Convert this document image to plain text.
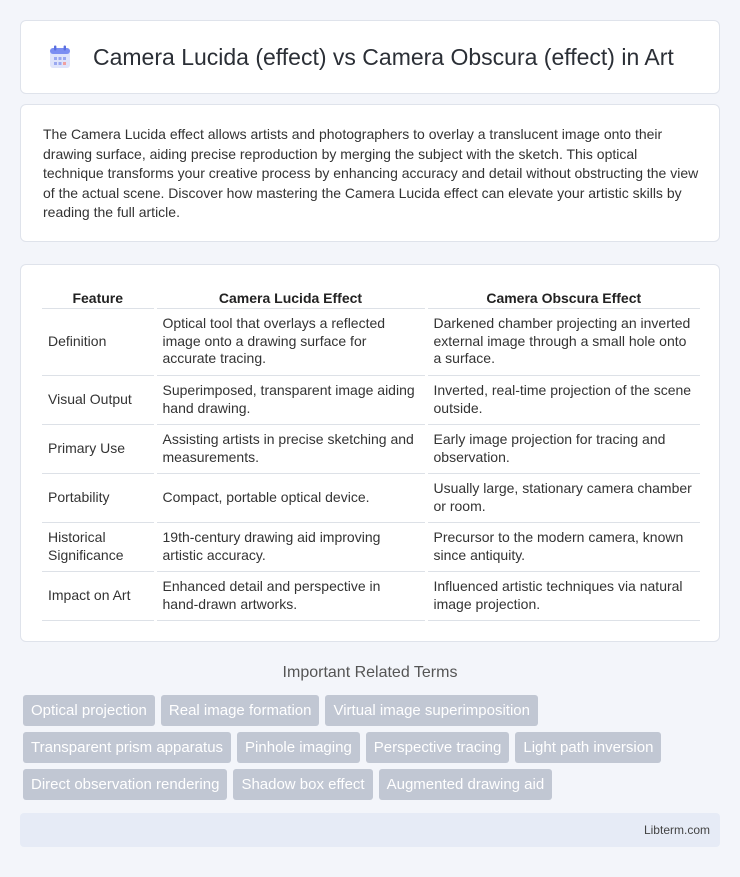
Camera Lucida (effect) vs Camera Obscura (effect) in Art

The Camera Lucida effect allows artists and photographers to overlay a translucent image onto their drawing surface, aiding precise reproduction by merging the subject with the sketch. This optical technique transforms your creative process by enhancing accuracy and detail without obstructing the view of the actual scene. Discover how mastering the Camera Lucida effect can elevate your artistic skills by reading the full article.

Feature	Camera Lucida Effect	Camera Obscura Effect
Definition	Optical tool that overlays a reflected image onto a drawing surface for accurate tracing.	Darkened chamber projecting an inverted external image through a small hole onto a surface.
Visual Output	Superimposed, transparent image aiding hand drawing.	Inverted, real-time projection of the scene outside.
Primary Use	Assisting artists in precise sketching and measurements.	Early image projection for tracing and observation.
Portability	Compact, portable optical device.	Usually large, stationary camera chamber or room.
Historical Significance	19th-century drawing aid improving artistic accuracy.	Precursor to the modern camera, known since antiquity.
Impact on Art	Enhanced detail and perspective in hand-drawn artworks.	Influenced artistic techniques via natural image projection.
Important Related Terms
Optical projection	Real image formation	Virtual image superimposition
Transparent prism apparatus	Pinhole imaging	Perspective tracing	Light path inversion
Direct observation rendering	Shadow box effect	Augmented drawing aid
Libterm.com
